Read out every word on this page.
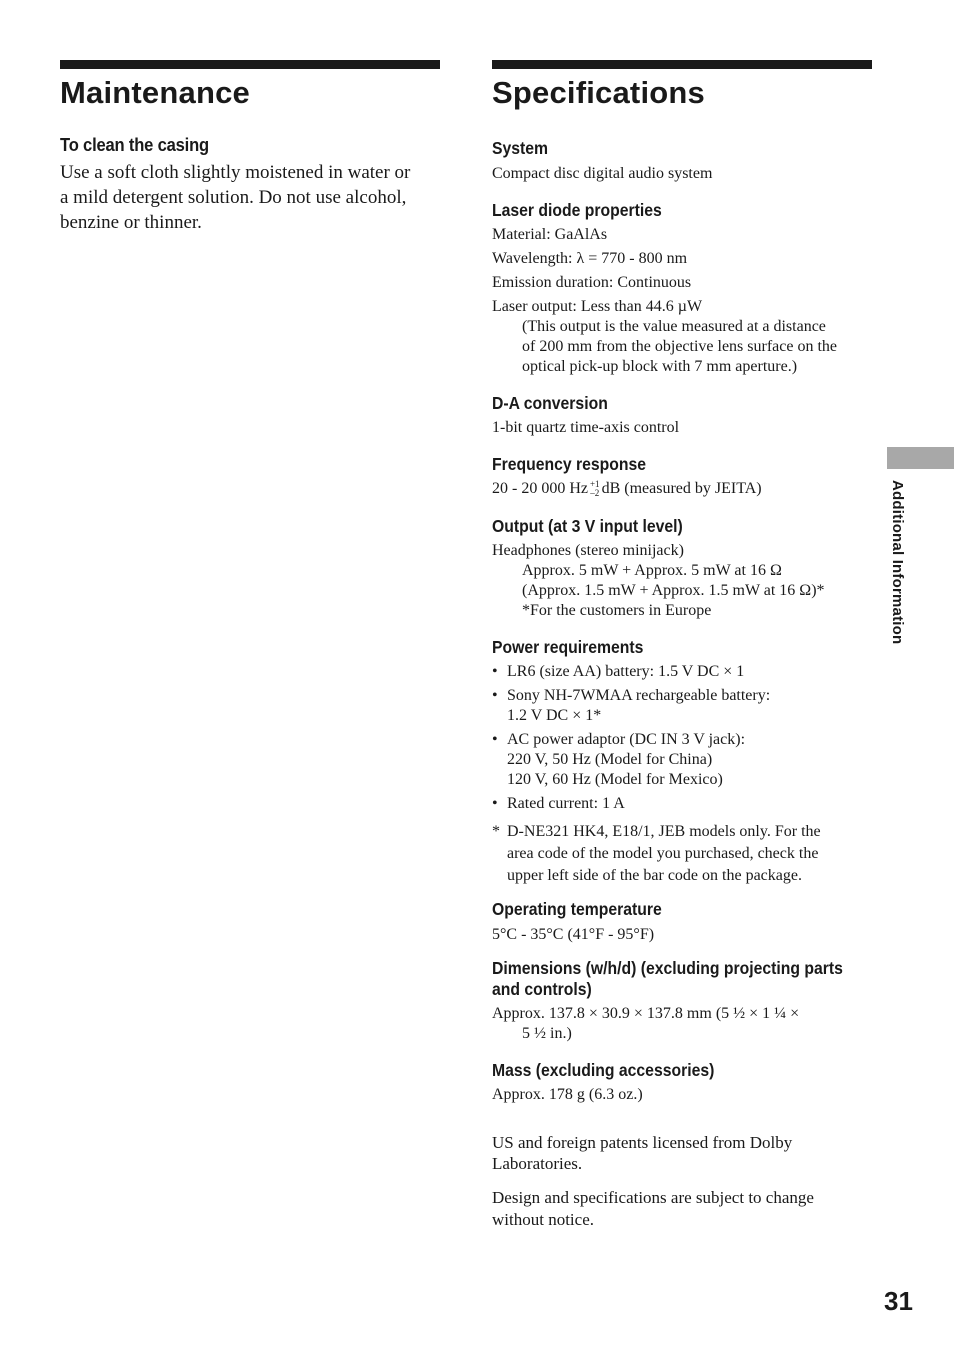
Maintenance
To clean the casing
Use a soft cloth slightly moistened in water or
a mild detergent solution. Do not use alcohol,
benzine or thinner.
Specifications
System
Compact disc digital audio system
Laser diode properties
Material: GaAlAs
Wavelength: λ = 770 - 800 nm
Emission duration: Continuous
Laser output: Less than 44.6 µW
(This output is the value measured at a distance
of 200 mm from the objective lens surface on the
optical pick-up block with 7 mm aperture.)
D-A conversion
1-bit quartz time-axis control
Frequency response
20 - 20 000 Hz +1
–2 dB (measured by JEITA)
Output (at 3 V input level)
Headphones (stereo minijack)
Approx. 5 mW + Approx. 5 mW at 16 Ω
(Approx. 1.5 mW + Approx. 1.5 mW at 16 Ω)*
*For the customers in Europe
Power requirements
• LR6 (size AA) battery: 1.5 V DC × 1
• Sony NH-7WMAA rechargeable battery:
1.2 V DC × 1*
• AC power adaptor (DC IN 3 V jack):
220 V, 50 Hz (Model for China)
120 V, 60 Hz (Model for Mexico)
• Rated current: 1 A
* D-NE321 HK4, E18/1, JEB models only. For the
area code of the model you purchased, check the
upper left side of the bar code on the package.
Operating temperature
5°C - 35°C (41°F - 95°F)
Dimensions (w/h/d) (excluding projecting parts
and controls)
Approx. 137.8 × 30.9 × 137.8 mm (5 ½ × 1 ¼ ×
5 ½ in.)
Mass (excluding accessories)
Approx. 178 g (6.3 oz.)
US and foreign patents licensed from Dolby
Laboratories.
Design and specifications are subject to change
without notice.
Additional Information
31
